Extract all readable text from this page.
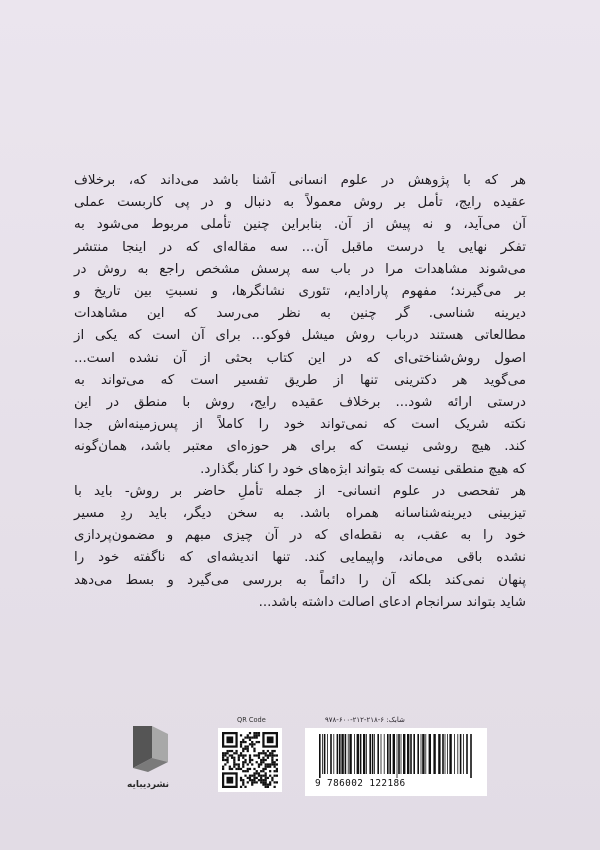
هر که با پژوهش در علوم انسانی آشنا باشد می‌داند که، برخلاف
عقیده رایج، تأمل بر روش معمولاً به دنبال و در پی کاربست عملی
آن می‌آید، و نه پیش از آن. بنابراین چنین تأملی مربوط می‌شود به
تفکر نهایی یا درست ماقبل آن... سه مقاله‌ای که در اینجا منتشر
می‌شوند مشاهدات مرا در باب سه پرسش مشخص راجع به روش در
بر می‌گیرند؛ مفهوم پارادایم، تئوری نشانگرها، و نسبتِ بین تاریخ و
دیرینه شناسی. گر چنین به نظر می‌رسد که این مشاهدات
مطالعاتی هستند درباب روش میشل فوکو... برای آن است که یکی از
اصول روش‌شناختی‌ای که در این کتاب بحثی از آن نشده است...
می‌گوید هر دکترینی تنها از طریق تفسیر است که می‌تواند به
درستی ارائه شود... برخلاف عقیده رایج، روش با منطق در این
نکته شریک است که نمی‌تواند خود را کاملاً از پس‌زمینه‌اش جدا
کند. هیچ روشی نیست که برای هر حوزه‌ای معتبر باشد، همان‌گونه
که هیچ منطقی نیست که بتواند ابژه‌های خود را کنار بگذارد.

هر تفحصی در علوم انسانی- از جمله تأملِ حاضر بر روش- باید با
تیزبینی دیرینه‌شناسانه همراه باشد. به سخن دیگر، باید ردِ مسیر
خود را به عقب، به نقطه‌ای که در آن چیزی مبهم و مضمون‌پردازی
نشده باقی می‌ماند، واپیمایی کند. تنها اندیشه‌ای که ناگفته خود را
پنهان نمی‌کند بلکه آن را دائماً به بررسی می‌گیرد و بسط می‌دهد
شاید بتواند سرانجام ادعای اصالت داشته باشد...

نشردیبایه
QR Code	شابک: ۶-۲۱۸-۲۱۲-۶۰۰-۹۷۸
9 786002 122186
